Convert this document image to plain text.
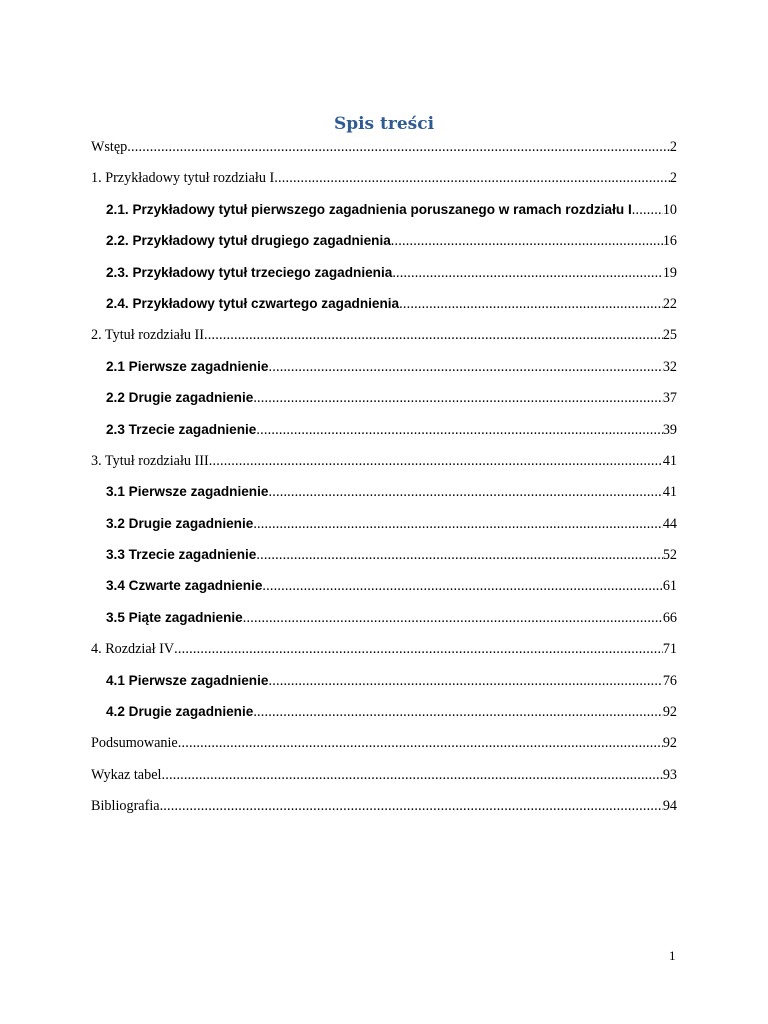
Spis treści
Wstęp .....	2
1. Przykładowy tytuł rozdziału I .....	2
2.1. Przykładowy tytuł pierwszego zagadnienia poruszanego w ramach rozdziału I ..... 10
2.2. Przykładowy tytuł drugiego zagadnienia .....	16
2.3. Przykładowy tytuł trzeciego zagadnienia .....	19
2.4. Przykładowy tytuł czwartego zagadnienia .....	22
2. Tytuł rozdziału II .....	25
2.1 Pierwsze zagadnienie .....	32
2.2 Drugie zagadnienie .....	37
2.3 Trzecie zagadnienie .....	39
3. Tytuł rozdziału III .....	41
3.1 Pierwsze zagadnienie .....	41
3.2 Drugie zagadnienie .....	44
3.3 Trzecie zagadnienie .....	52
3.4 Czwarte zagadnienie .....	61
3.5 Piąte zagadnienie .....	66
4. Rozdział IV .....	71
4.1 Pierwsze zagadnienie .....	76
4.2 Drugie zagadnienie .....	92
Podsumowanie .....	92
Wykaz tabel .....	93
Bibliografia .....	94
1
